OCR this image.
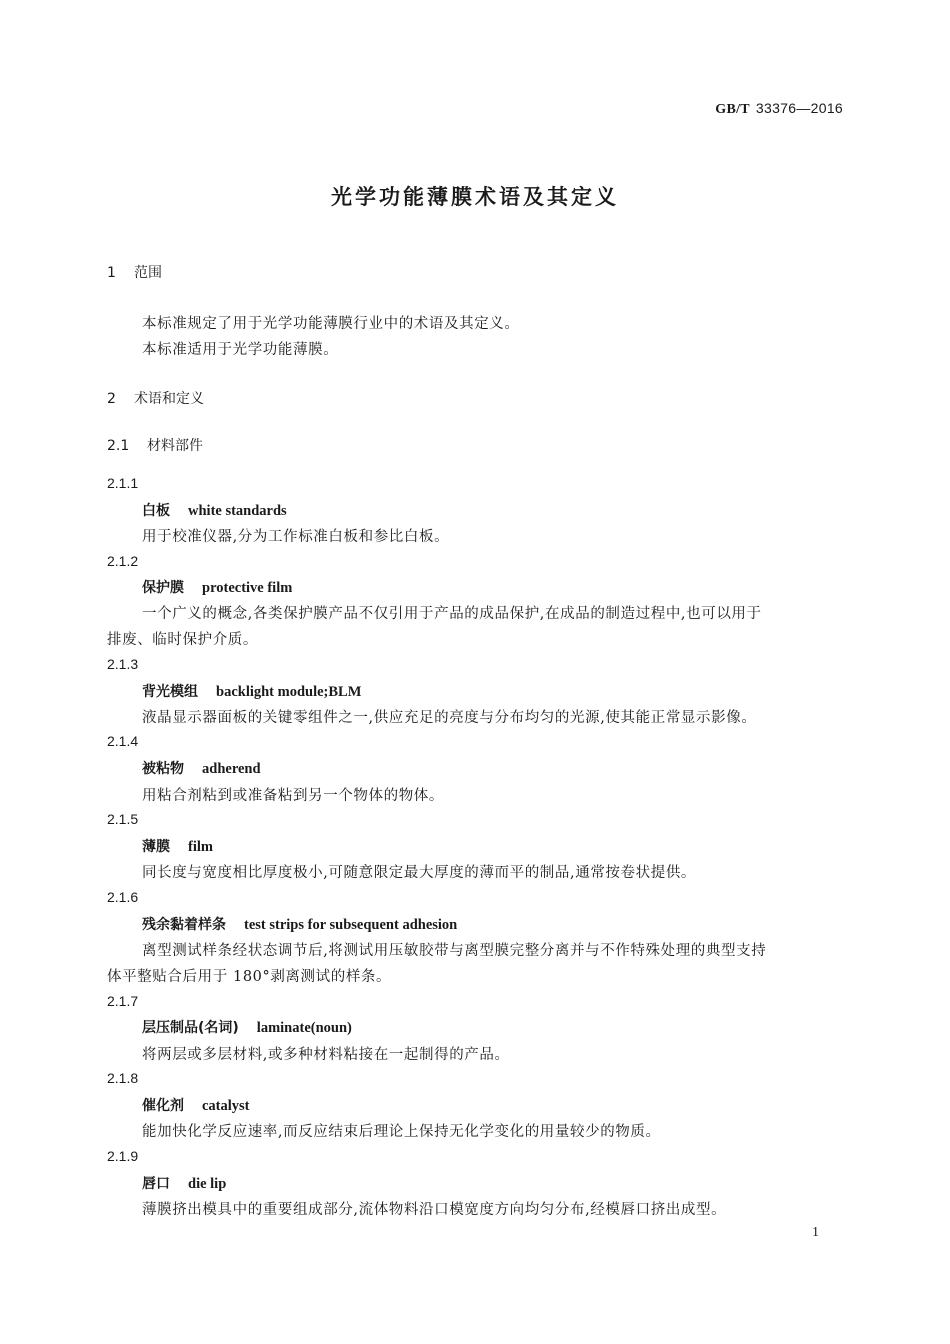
GB/T 33376—2016
光学功能薄膜术语及其定义
1 范围
本标准规定了用于光学功能薄膜行业中的术语及其定义。
本标准适用于光学功能薄膜。
2 术语和定义
2.1 材料部件
2.1.1
白板 white standards
用于校准仪器,分为工作标准白板和参比白板。
2.1.2
保护膜 protective film
一个广义的概念,各类保护膜产品不仅引用于产品的成品保护,在成品的制造过程中,也可以用于
排废、临时保护介质。
2.1.3
背光模组 backlight module;BLM
液晶显示器面板的关键零组件之一,供应充足的亮度与分布均匀的光源,使其能正常显示影像。
2.1.4
被粘物 adherend
用粘合剂粘到或准备粘到另一个物体的物体。
2.1.5
薄膜 film
同长度与宽度相比厚度极小,可随意限定最大厚度的薄而平的制品,通常按卷状提供。
2.1.6
残余黏着样条 test strips for subsequent adhesion
离型测试样条经状态调节后,将测试用压敏胶带与离型膜完整分离并与不作特殊处理的典型支持
体平整贴合后用于 180°剥离测试的样条。
2.1.7
层压制品(名词) laminate(noun)
将两层或多层材料,或多种材料粘接在一起制得的产品。
2.1.8
催化剂 catalyst
能加快化学反应速率,而反应结束后理论上保持无化学变化的用量较少的物质。
2.1.9
唇口 die lip
薄膜挤出模具中的重要组成部分,流体物料沿口模宽度方向均匀分布,经模唇口挤出成型。
1
